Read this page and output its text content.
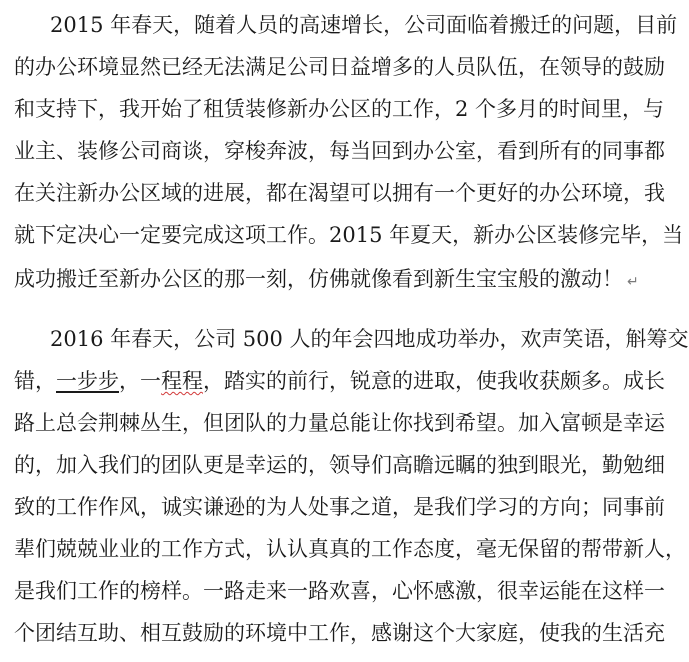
2015 年春天，随着人员的高速增长，公司面临着搬迁的问题，目前
的办公环境显然已经无法满足公司日益增多的人员队伍，在领导的鼓励
和支持下，我开始了租赁装修新办公区的工作，2 个多月的时间里，与
业主、装修公司商谈，穿梭奔波，每当回到办公室，看到所有的同事都
在关注新办公区域的进展，都在渴望可以拥有一个更好的办公环境，我
就下定决心一定要完成这项工作。2015 年夏天，新办公区装修完毕，当
成功搬迁至新办公区的那一刻，仿佛就像看到新生宝宝般的激动！ ↵
2016 年春天，公司 500 人的年会四地成功举办，欢声笑语，斛筹交
错，一步步，一程程，踏实的前行，锐意的进取，使我收获颇多。成长
路上总会荆棘丛生，但团队的力量总能让你找到希望。加入富顿是幸运
的，加入我们的团队更是幸运的，领导们高瞻远瞩的独到眼光，勤勉细
致的工作作风，诚实谦逊的为人处事之道，是我们学习的方向；同事前
辈们兢兢业业的工作方式，认认真真的工作态度，毫无保留的帮带新人，
是我们工作的榜样。一路走来一路欢喜，心怀感激，很幸运能在这样一
个团结互助、相互鼓励的环境中工作，感谢这个大家庭，使我的生活充
